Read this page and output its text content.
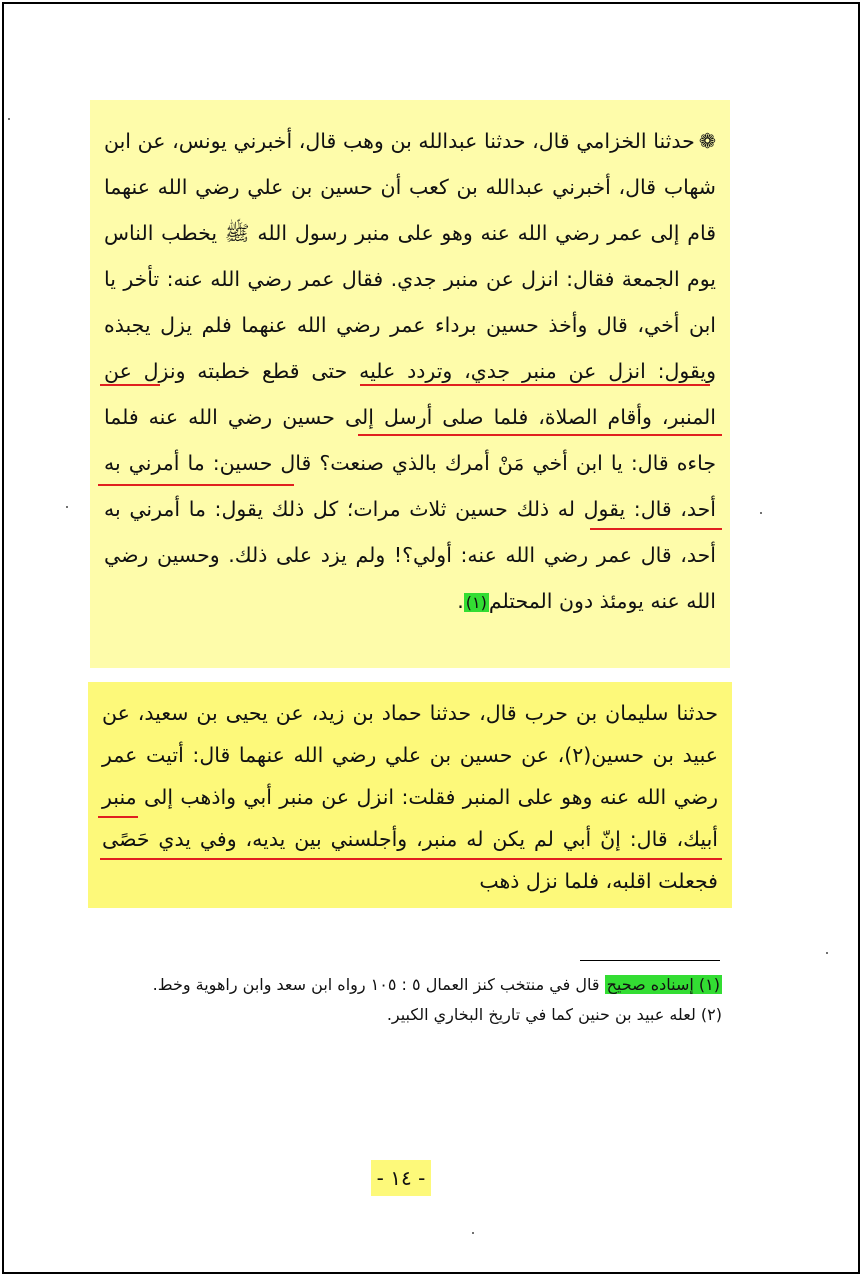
❁حدثنا الخزامي قال، حدثنا عبدالله بن وهب قال، أخبرني يونس، عن ابن شهاب قال، أخبرني عبدالله بن كعب أن حسين بن علي رضي الله عنهما قام إلى عمر رضي الله عنه وهو على منبر رسول الله ﷺ يخطب الناس يوم الجمعة فقال: انزل عن منبر جدي. فقال عمر رضي الله عنه: تأخر يا ابن أخي، قال وأخذ حسين برداء عمر رضي الله عنهما فلم يزل يجبذه ويقول: انزل عن منبر جدي، وتردد عليه حتى قطع خطبته ونزل عن المنبر، وأقام الصلاة، فلما صلى أرسل إلى حسين رضي الله عنه فلما جاءه قال: يا ابن أخي مَنْ أمرك بالذي صنعت؟ قال حسين: ما أمرني به أحد، قال: يقول له ذلك حسين ثلاث مرات؛ كل ذلك يقول: ما أمرني به أحد، قال عمر رضي الله عنه: أولي؟! ولم يزد على ذلك. وحسين رضي الله عنه يومئذ دون المحتلم(١).

حدثنا سليمان بن حرب قال، حدثنا حماد بن زيد، عن يحيى بن سعيد، عن عبيد بن حسين(٢)، عن حسين بن علي رضي الله عنهما قال: أتيت عمر رضي الله عنه وهو على المنبر فقلت: انزل عن منبر أبي واذهب إلى منبر أبيك، قال: إنّ أبي لم يكن له منبر، وأجلسني بين يديه، وفي يدي حَصًى فجعلت اقلبه، فلما نزل ذهب

(١) إسناده صحيح قال في منتخب كنز العمال ٥ : ١٠٥ رواه ابن سعد وابن راهوية وخط.

(٢) لعله عبيد بن حنين كما في تاريخ البخاري الكبير.

- ١٤ -
